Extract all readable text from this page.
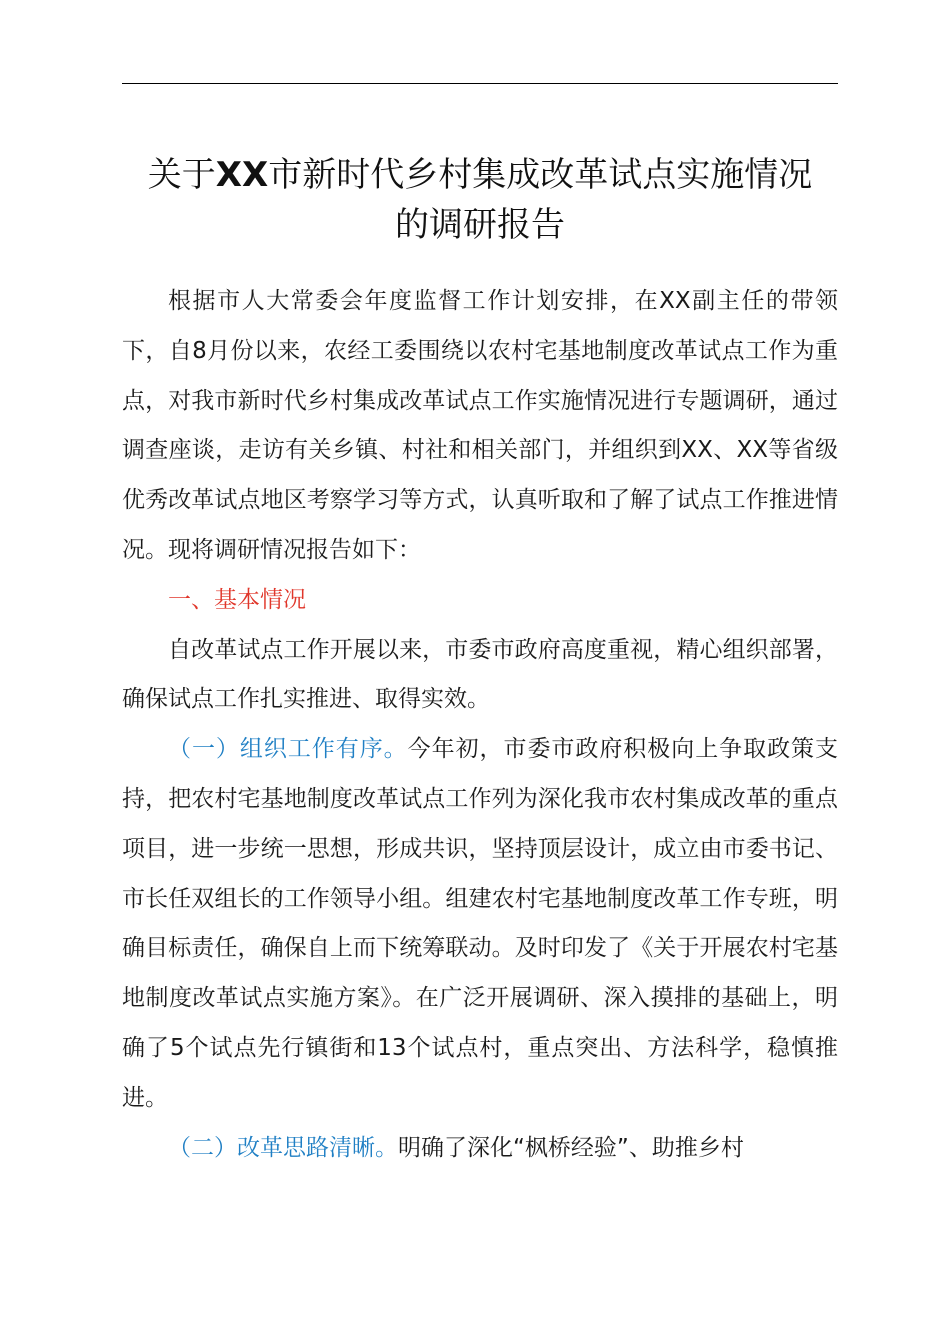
关于XX市新时代乡村集成改革试点实施情况
的调研报告

根据市人大常委会年度监督工作计划安排，在XX副主任的带领下，自8月份以来，农经工委围绕以农村宅基地制度改革试点工作为重点，对我市新时代乡村集成改革试点工作实施情况进行专题调研，通过调查座谈，走访有关乡镇、村社和相关部门，并组织到XX、XX等省级优秀改革试点地区考察学习等方式，认真听取和了解了试点工作推进情况。现将调研情况报告如下：

一、基本情况

自改革试点工作开展以来，市委市政府高度重视，精心组织部署，确保试点工作扎实推进、取得实效。

（一）组织工作有序。今年初，市委市政府积极向上争取政策支持，把农村宅基地制度改革试点工作列为深化我市农村集成改革的重点项目，进一步统一思想，形成共识，坚持顶层设计，成立由市委书记、市长任双组长的工作领导小组。组建农村宅基地制度改革工作专班，明确目标责任，确保自上而下统筹联动。及时印发了《关于开展农村宅基地制度改革试点实施方案》。在广泛开展调研、深入摸排的基础上，明确了5个试点先行镇街和13个试点村，重点突出、方法科学，稳慎推进。

（二）改革思路清晰。明确了深化“枫桥经验”、助推乡村
